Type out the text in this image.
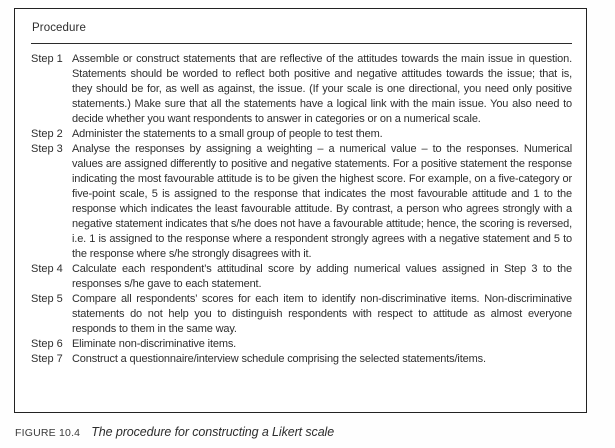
Procedure
Step 1 Assemble or construct statements that are reflective of the attitudes towards the main issue in question. Statements should be worded to reflect both positive and negative attitudes towards the issue; that is, they should be for, as well as against, the issue. (If your scale is one directional, you need only positive statements.) Make sure that all the statements have a logical link with the main issue. You also need to decide whether you want respondents to answer in categories or on a numerical scale.
Step 2 Administer the statements to a small group of people to test them.
Step 3 Analyse the responses by assigning a weighting – a numerical value – to the responses. Numerical values are assigned differently to positive and negative statements. For a positive statement the response indicating the most favourable attitude is to be given the highest score. For example, on a five-category or five-point scale, 5 is assigned to the response that indicates the most favourable attitude and 1 to the response which indicates the least favourable attitude. By contrast, a person who agrees strongly with a negative statement indicates that s/he does not have a favourable attitude; hence, the scoring is reversed, i.e. 1 is assigned to the response where a respondent strongly agrees with a negative statement and 5 to the response where s/he strongly disagrees with it.
Step 4 Calculate each respondent’s attitudinal score by adding numerical values assigned in Step 3 to the responses s/he gave to each statement.
Step 5 Compare all respondents’ scores for each item to identify non-discriminative items. Non-discriminative statements do not help you to distinguish respondents with respect to attitude as almost everyone responds to them in the same way.
Step 6 Eliminate non-discriminative items.
Step 7 Construct a questionnaire/interview schedule comprising the selected statements/items.
FIGURE 10.4 The procedure for constructing a Likert scale
